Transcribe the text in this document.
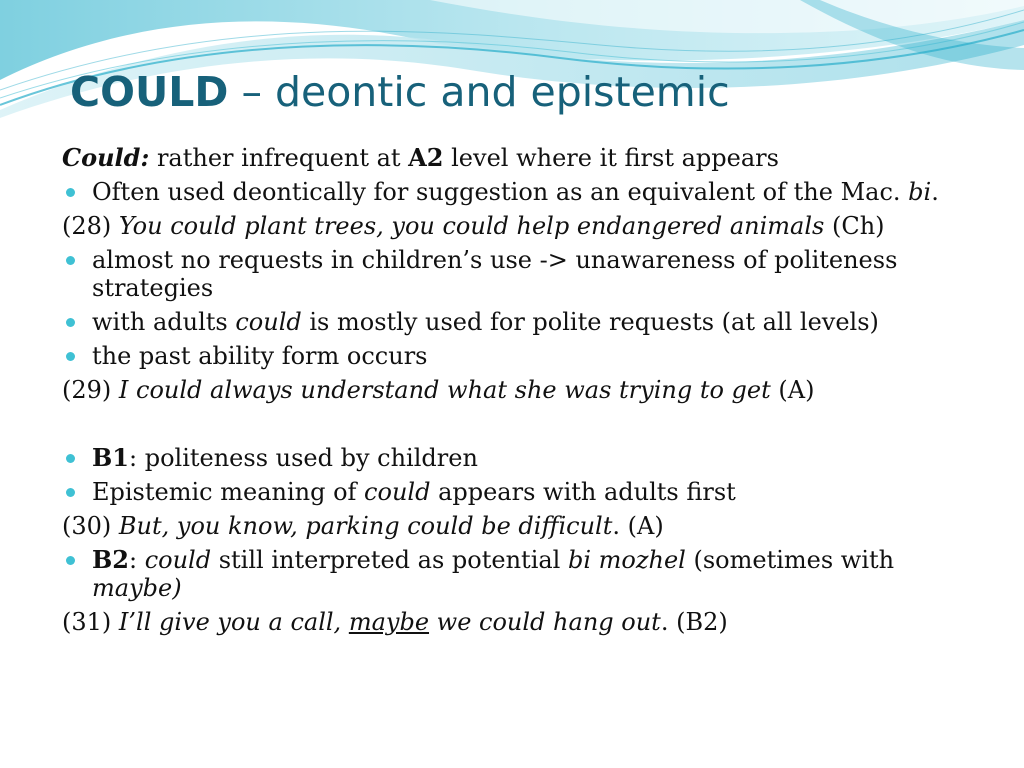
COULD – deontic and epistemic
Could: rather infrequent at A2 level where it first appears
Often used deontically for suggestion as an equivalent of the Mac. bi.
(28) You could plant trees, you could help endangered animals (Ch)
almost no requests in children’s use -> unawareness of politeness strategies
with adults could is mostly used for polite requests (at all levels)
the past ability form occurs
(29) I could always understand what she was trying to get (A)
B1: politeness used by children
Epistemic meaning of could appears with adults first
(30) But, you know, parking could be difficult. (A)
B2: could still interpreted as potential bi mozhel (sometimes with maybe)
(31) I’ll give you a call, maybe we could hang out. (B2)
